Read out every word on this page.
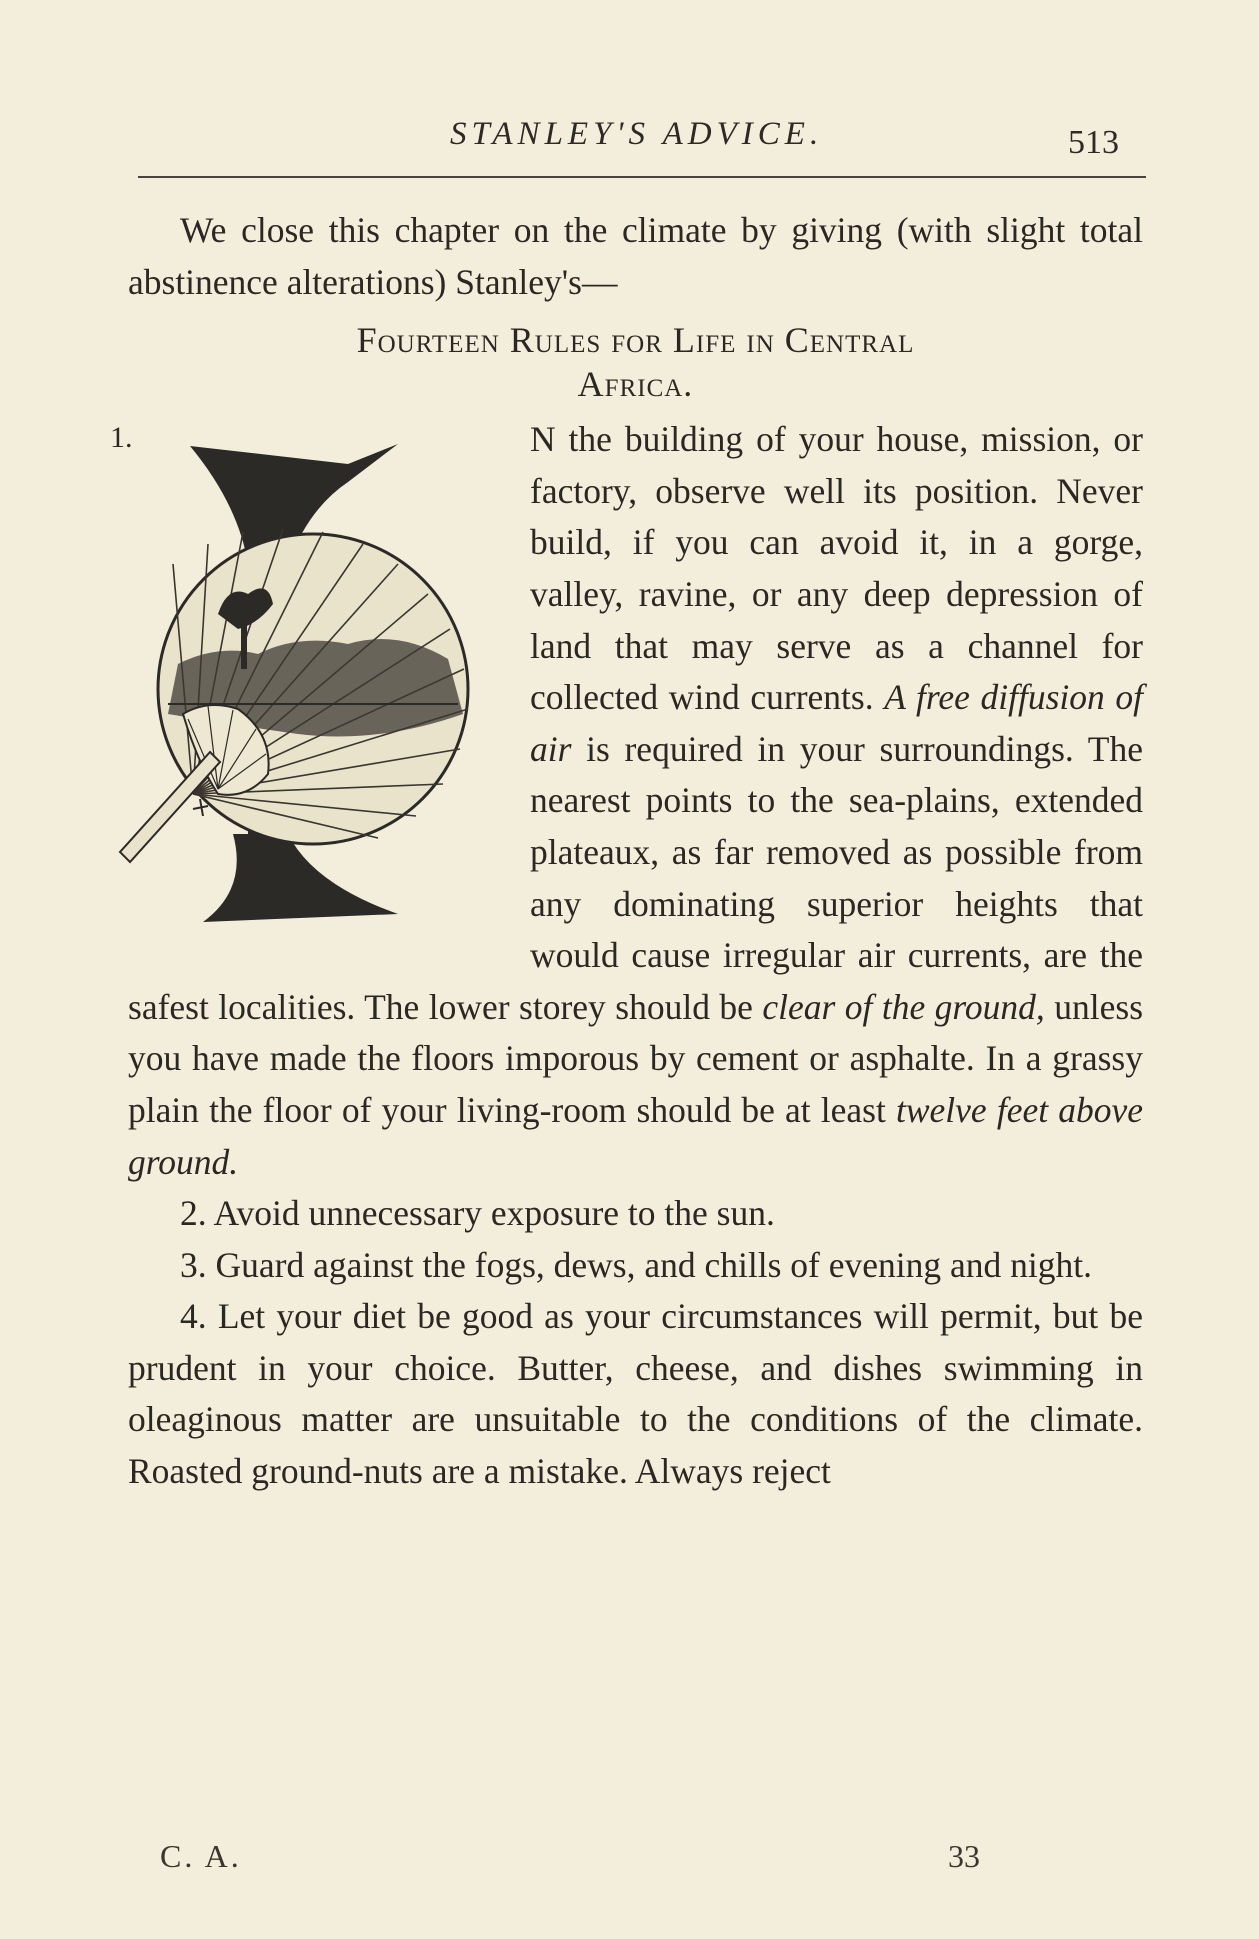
STANLEY'S ADVICE.	513

We close this chapter on the climate by giving (with slight total abstinence alterations) Stanley's—

Fourteen Rules for Life in Central
Africa.

1.	N the building of your house, mission, or factory, observe well its position. Never build, if you can avoid it, in a gorge, valley, ravine, or any deep depression of land that may serve as a channel for collected wind currents. A free diffusion of air is required in your surroundings. The nearest points to the sea-plains, extended plateaux, as far removed as possible from any dominating superior heights that would cause irregular air currents, are the safest localities. The lower storey should be clear of the ground, unless you have made the floors imporous by cement or asphalte. In a grassy plain the floor of your living-room should be at least twelve feet above ground.

2. Avoid unnecessary exposure to the sun.

3. Guard against the fogs, dews, and chills of evening and night.

4. Let your diet be good as your circumstances will permit, but be prudent in your choice. Butter, cheese, and dishes swimming in oleaginous matter are unsuitable to the conditions of the climate. Roasted ground-nuts are a mistake. Always reject

C. A.	33
